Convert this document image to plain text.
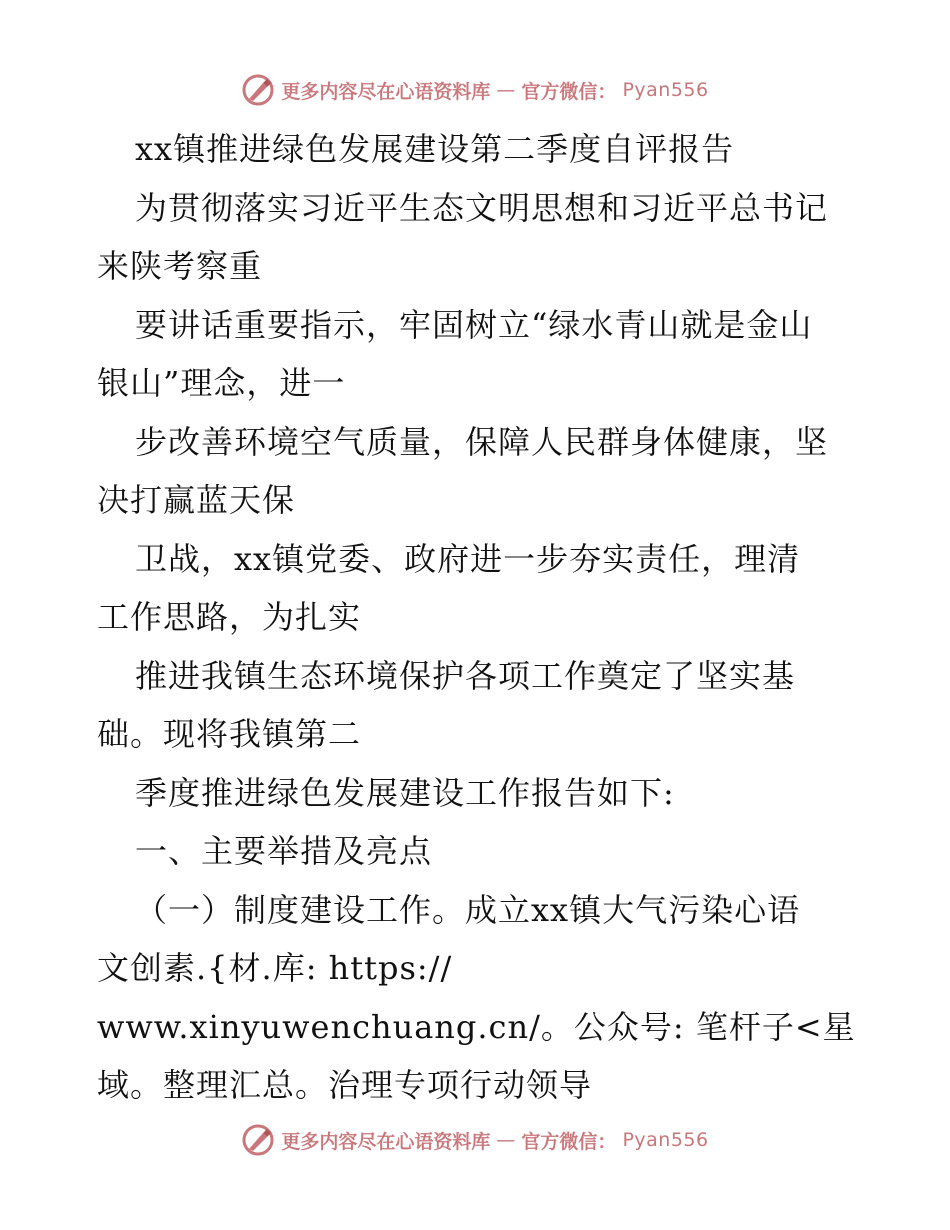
更多内容尽在心语资料库 — 官方微信： Pyan556
xx镇推进绿色发展建设第二季度自评报告
为贯彻落实习近平生态文明思想和习近平总书记
来陕考察重
要讲话重要指示，牢固树立“绿水青山就是金山
银山”理念，进一
步改善环境空气质量，保障人民群身体健康，坚
决打赢蓝天保
卫战，xx镇党委、政府进一步夯实责任，理清
工作思路，为扎实
推进我镇生态环境保护各项工作奠定了坚实基
础。现将我镇第二
季度推进绿色发展建设工作报告如下:
一、主要举措及亮点
（一）制度建设工作。成立xx镇大气污染心语
文创素.{材.库: https://
www.xinyuwenchuang.cn/。公众号: 笔杆子<星
域。整理汇总。治理专项行动领导
更多内容尽在心语资料库 — 官方微信： Pyan556
